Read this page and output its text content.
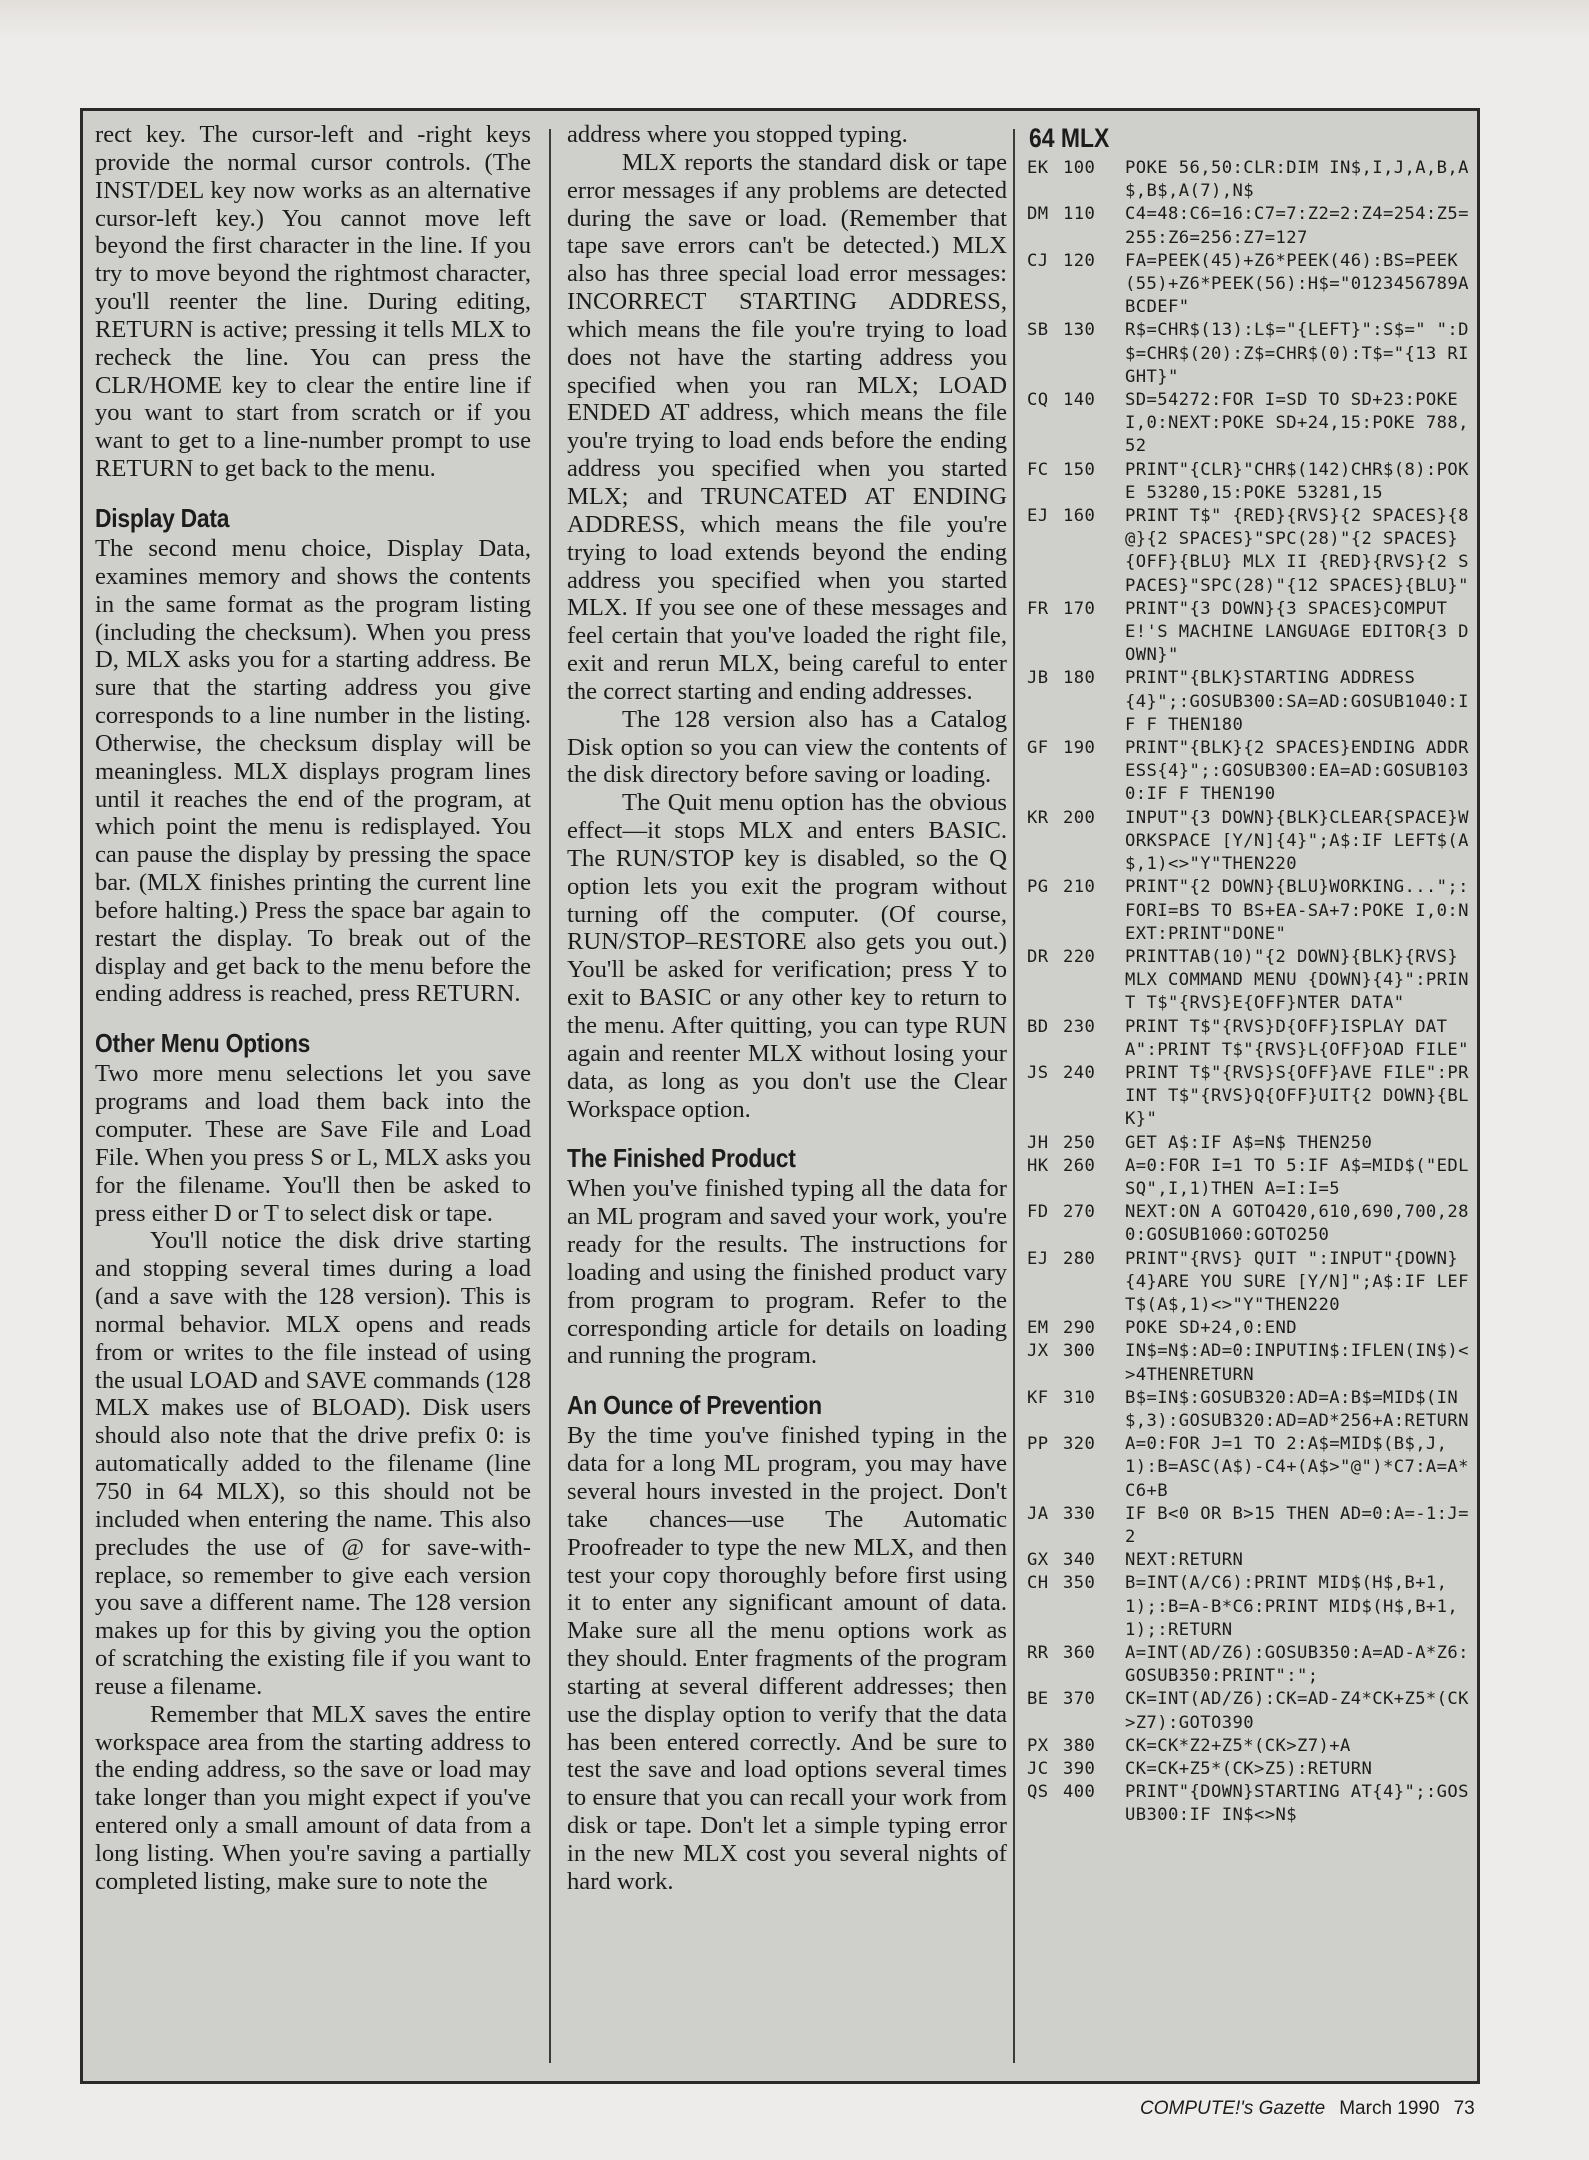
rect key. The cursor-left and -right keys provide the normal cursor controls. (The INST/DEL key now works as an alternative cursor-left key.) You cannot move left beyond the first character in the line. If you try to move beyond the rightmost character, you'll reenter the line. During editing, RETURN is active; pressing it tells MLX to recheck the line. You can press the CLR/HOME key to clear the entire line if you want to start from scratch or if you want to get to a line-number prompt to use RETURN to get back to the menu.

Display Data

The second menu choice, Display Data, examines memory and shows the contents in the same format as the program listing (including the checksum). When you press D, MLX asks you for a starting address. Be sure that the starting address you give corresponds to a line number in the listing. Otherwise, the checksum display will be meaningless. MLX displays program lines until it reaches the end of the program, at which point the menu is redisplayed. You can pause the display by pressing the space bar. (MLX finishes printing the current line before halting.) Press the space bar again to restart the display. To break out of the display and get back to the menu before the ending address is reached, press RETURN.

Other Menu Options

Two more menu selections let you save programs and load them back into the computer. These are Save File and Load File. When you press S or L, MLX asks you for the filename. You'll then be asked to press either D or T to select disk or tape.

You'll notice the disk drive starting and stopping several times during a load (and a save with the 128 version). This is normal behavior. MLX opens and reads from or writes to the file instead of using the usual LOAD and SAVE commands (128 MLX makes use of BLOAD). Disk users should also note that the drive prefix 0: is automatically added to the filename (line 750 in 64 MLX), so this should not be included when entering the name. This also precludes the use of @ for save-with-replace, so remember to give each version you save a different name. The 128 version makes up for this by giving you the option of scratching the existing file if you want to reuse a filename.

Remember that MLX saves the entire workspace area from the starting address to the ending address, so the save or load may take longer than you might expect if you've entered only a small amount of data from a long listing. When you're saving a partially completed listing, make sure to note the

address where you stopped typing.

MLX reports the standard disk or tape error messages if any problems are detected during the save or load. (Remember that tape save errors can't be detected.) MLX also has three special load error messages: INCORRECT STARTING ADDRESS, which means the file you're trying to load does not have the starting address you specified when you ran MLX; LOAD ENDED AT address, which means the file you're trying to load ends before the ending address you specified when you started MLX; and TRUNCATED AT ENDING ADDRESS, which means the file you're trying to load extends beyond the ending address you specified when you started MLX. If you see one of these messages and feel certain that you've loaded the right file, exit and rerun MLX, being careful to enter the correct starting and ending addresses.

The 128 version also has a Catalog Disk option so you can view the contents of the disk directory before saving or loading.

The Quit menu option has the obvious effect—it stops MLX and enters BASIC. The RUN/STOP key is disabled, so the Q option lets you exit the program without turning off the computer. (Of course, RUN/STOP–RESTORE also gets you out.) You'll be asked for verification; press Y to exit to BASIC or any other key to return to the menu. After quitting, you can type RUN again and reenter MLX without losing your data, as long as you don't use the Clear Workspace option.

The Finished Product

When you've finished typing all the data for an ML program and saved your work, you're ready for the results. The instructions for loading and using the finished product vary from program to program. Refer to the corresponding article for details on loading and running the program.

An Ounce of Prevention

By the time you've finished typing in the data for a long ML program, you may have several hours invested in the project. Don't take chances—use The Automatic Proofreader to type the new MLX, and then test your copy thoroughly before first using it to enter any significant amount of data. Make sure all the menu options work as they should. Enter fragments of the program starting at several different addresses; then use the display option to verify that the data has been entered correctly. And be sure to test the save and load options several times to ensure that you can recall your work from disk or tape. Don't let a simple typing error in the new MLX cost you several nights of hard work.

64 MLX
EK 100	POKE 56,50:CLR:DIM IN$,I,J,A,B,A$,B$,A(7),N$
DM 110	C4=48:C6=16:C7=7:Z2=2:Z4=254:Z5=255:Z6=256:Z7=127
CJ 120	FA=PEEK(45)+Z6*PEEK(46):BS=PEEK(55)+Z6*PEEK(56):H$="0123456789ABCDEF"
SB 130	R$=CHR$(13):L$="{LEFT}":S$=" ":D$=CHR$(20):Z$=CHR$(0):T$="{13 RIGHT}"
CQ 140	SD=54272:FOR I=SD TO SD+23:POKE I,0:NEXT:POKE SD+24,15:POKE 788,52
FC 150	PRINT"{CLR}"CHR$(142)CHR$(8):POKE 53280,15:POKE 53281,15
EJ 160	PRINT T$" {RED}{RVS}{2 SPACES}{8 @}{2 SPACES}"SPC(28)"{2 SPACES}{OFF}{BLU} MLX II {RED}{RVS}{2 SPACES}"SPC(28)"{12 SPACES}{BLU}"
FR 170	PRINT"{3 DOWN}{3 SPACES}COMPUTE!'S MACHINE LANGUAGE EDITOR{3 DOWN}"
JB 180	PRINT"{BLK}STARTING ADDRESS{4}";:GOSUB300:SA=AD:GOSUB1040:IF F THEN180
GF 190	PRINT"{BLK}{2 SPACES}ENDING ADDRESS{4}";:GOSUB300:EA=AD:GOSUB1030:IF F THEN190
KR 200	INPUT"{3 DOWN}{BLK}CLEAR{SPACE}WORKSPACE [Y/N]{4}";A$:IF LEFT$(A$,1)<>"Y"THEN220
PG 210	PRINT"{2 DOWN}{BLU}WORKING...";:FORI=BS TO BS+EA-SA+7:POKE I,0:NEXT:PRINT"DONE"
DR 220	PRINTTAB(10)"{2 DOWN}{BLK}{RVS} MLX COMMAND MENU {DOWN}{4}":PRINT T$"{RVS}E{OFF}NTER DATA"
BD 230	PRINT T$"{RVS}D{OFF}ISPLAY DATA":PRINT T$"{RVS}L{OFF}OAD FILE"
JS 240	PRINT T$"{RVS}S{OFF}AVE FILE":PRINT T$"{RVS}Q{OFF}UIT{2 DOWN}{BLK}"
JH 250	GET A$:IF A$=N$ THEN250
HK 260	A=0:FOR I=1 TO 5:IF A$=MID$("EDLSQ",I,1)THEN A=I:I=5
FD 270	NEXT:ON A GOTO420,610,690,700,280:GOSUB1060:GOTO250
EJ 280	PRINT"{RVS} QUIT ":INPUT"{DOWN}{4}ARE YOU SURE [Y/N]";A$:IF LEFT$(A$,1)<>"Y"THEN220
EM 290	POKE SD+24,0:END
JX 300	IN$=N$:AD=0:INPUTIN$:IFLEN(IN$)<>4THENRETURN
KF 310	B$=IN$:GOSUB320:AD=A:B$=MID$(IN$,3):GOSUB320:AD=AD*256+A:RETURN
PP 320	A=0:FOR J=1 TO 2:A$=MID$(B$,J,1):B=ASC(A$)-C4+(A$>"@")*C7:A=A*C6+B
JA 330	IF B<0 OR B>15 THEN AD=0:A=-1:J=2
GX 340	NEXT:RETURN
CH 350	B=INT(A/C6):PRINT MID$(H$,B+1,1);:B=A-B*C6:PRINT MID$(H$,B+1,1);:RETURN
RR 360	A=INT(AD/Z6):GOSUB350:A=AD-A*Z6:GOSUB350:PRINT":";
BE 370	CK=INT(AD/Z6):CK=AD-Z4*CK+Z5*(CK>Z7):GOTO390
PX 380	CK=CK*Z2+Z5*(CK>Z7)+A
JC 390	CK=CK+Z5*(CK>Z5):RETURN
QS 400	PRINT"{DOWN}STARTING AT{4}";:GOSUB300:IF IN$<>N$
COMPUTE!'s Gazette March 1990 73
